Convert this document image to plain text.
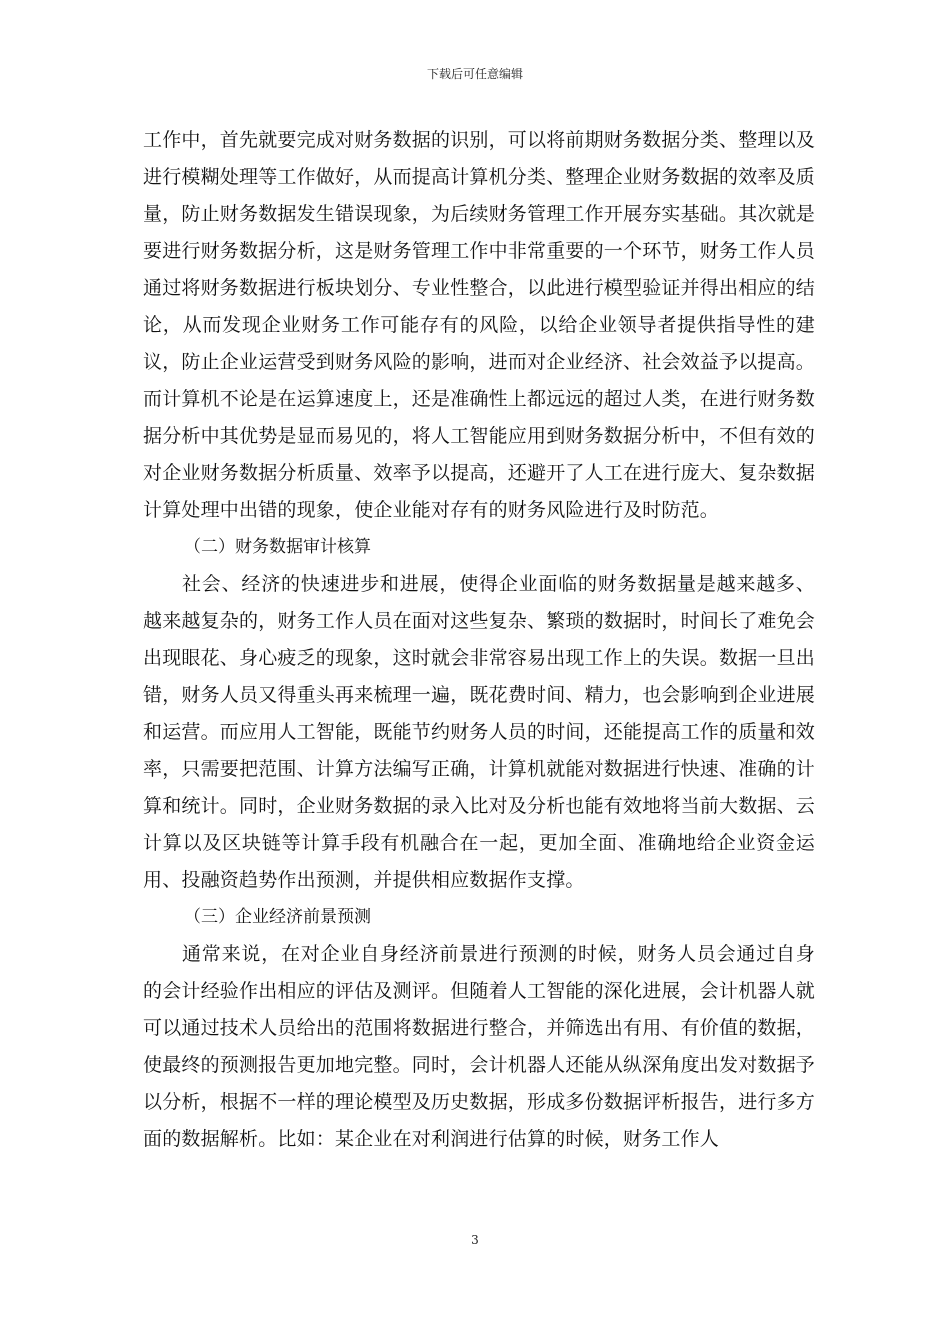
下载后可任意编辑

工作中，首先就要完成对财务数据的识别，可以将前期财务数据分类、整理以及进行模糊处理等工作做好，从而提高计算机分类、整理企业财务数据的效率及质量，防止财务数据发生错误现象，为后续财务管理工作开展夯实基础。其次就是要进行财务数据分析，这是财务管理工作中非常重要的一个环节，财务工作人员通过将财务数据进行板块划分、专业性整合，以此进行模型验证并得出相应的结论，从而发现企业财务工作可能存有的风险，以给企业领导者提供指导性的建议，防止企业运营受到财务风险的影响，进而对企业经济、社会效益予以提高。而计算机不论是在运算速度上，还是准确性上都远远的超过人类，在进行财务数据分析中其优势是显而易见的，将人工智能应用到财务数据分析中，不但有效的对企业财务数据分析质量、效率予以提高，还避开了人工在进行庞大、复杂数据计算处理中出错的现象，使企业能对存有的财务风险进行及时防范。

（二）财务数据审计核算

社会、经济的快速进步和进展，使得企业面临的财务数据量是越来越多、越来越复杂的，财务工作人员在面对这些复杂、繁琐的数据时，时间长了难免会出现眼花、身心疲乏的现象，这时就会非常容易出现工作上的失误。数据一旦出错，财务人员又得重头再来梳理一遍，既花费时间、精力，也会影响到企业进展和运营。而应用人工智能，既能节约财务人员的时间，还能提高工作的质量和效率，只需要把范围、计算方法编写正确，计算机就能对数据进行快速、准确的计算和统计。同时，企业财务数据的录入比对及分析也能有效地将当前大数据、云计算以及区块链等计算手段有机融合在一起，更加全面、准确地给企业资金运用、投融资趋势作出预测，并提供相应数据作支撑。

（三）企业经济前景预测

通常来说，在对企业自身经济前景进行预测的时候，财务人员会通过自身的会计经验作出相应的评估及测评。但随着人工智能的深化进展，会计机器人就可以通过技术人员给出的范围将数据进行整合，并筛选出有用、有价值的数据，使最终的预测报告更加地完整。同时，会计机器人还能从纵深角度出发对数据予以分析，根据不一样的理论模型及历史数据，形成多份数据评析报告，进行多方面的数据解析。比如：某企业在对利润进行估算的时候，财务工作人

3
